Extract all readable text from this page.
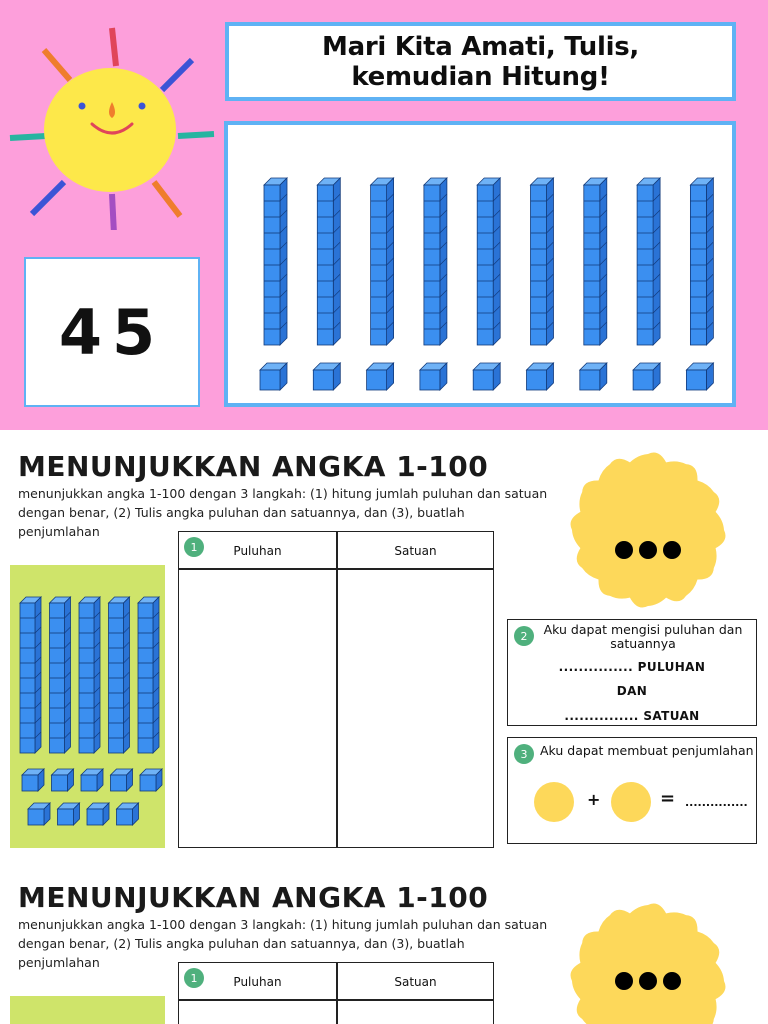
Mari Kita Amati, Tulis,
kemudian Hitung!
45
MENUNJUKKAN ANGKA 1-100
menunjukkan angka 1-100 dengan 3 langkah: (1) hitung jumlah puluhan dan satuan
dengan benar, (2) Tulis angka puluhan dan satuannya, dan (3), buatlah
penjumlahan
1	Puluhan	Satuan
2	Aku dapat mengisi puluhan dan
satuannya
............... PULUHAN
DAN
............... SATUAN
3	Aku dapat membuat penjumlahan
+	= ...............
MENUNJUKKAN ANGKA 1-100
menunjukkan angka 1-100 dengan 3 langkah: (1) hitung jumlah puluhan dan satuan
dengan benar, (2) Tulis angka puluhan dan satuannya, dan (3), buatlah
penjumlahan
1	Puluhan	Satuan
